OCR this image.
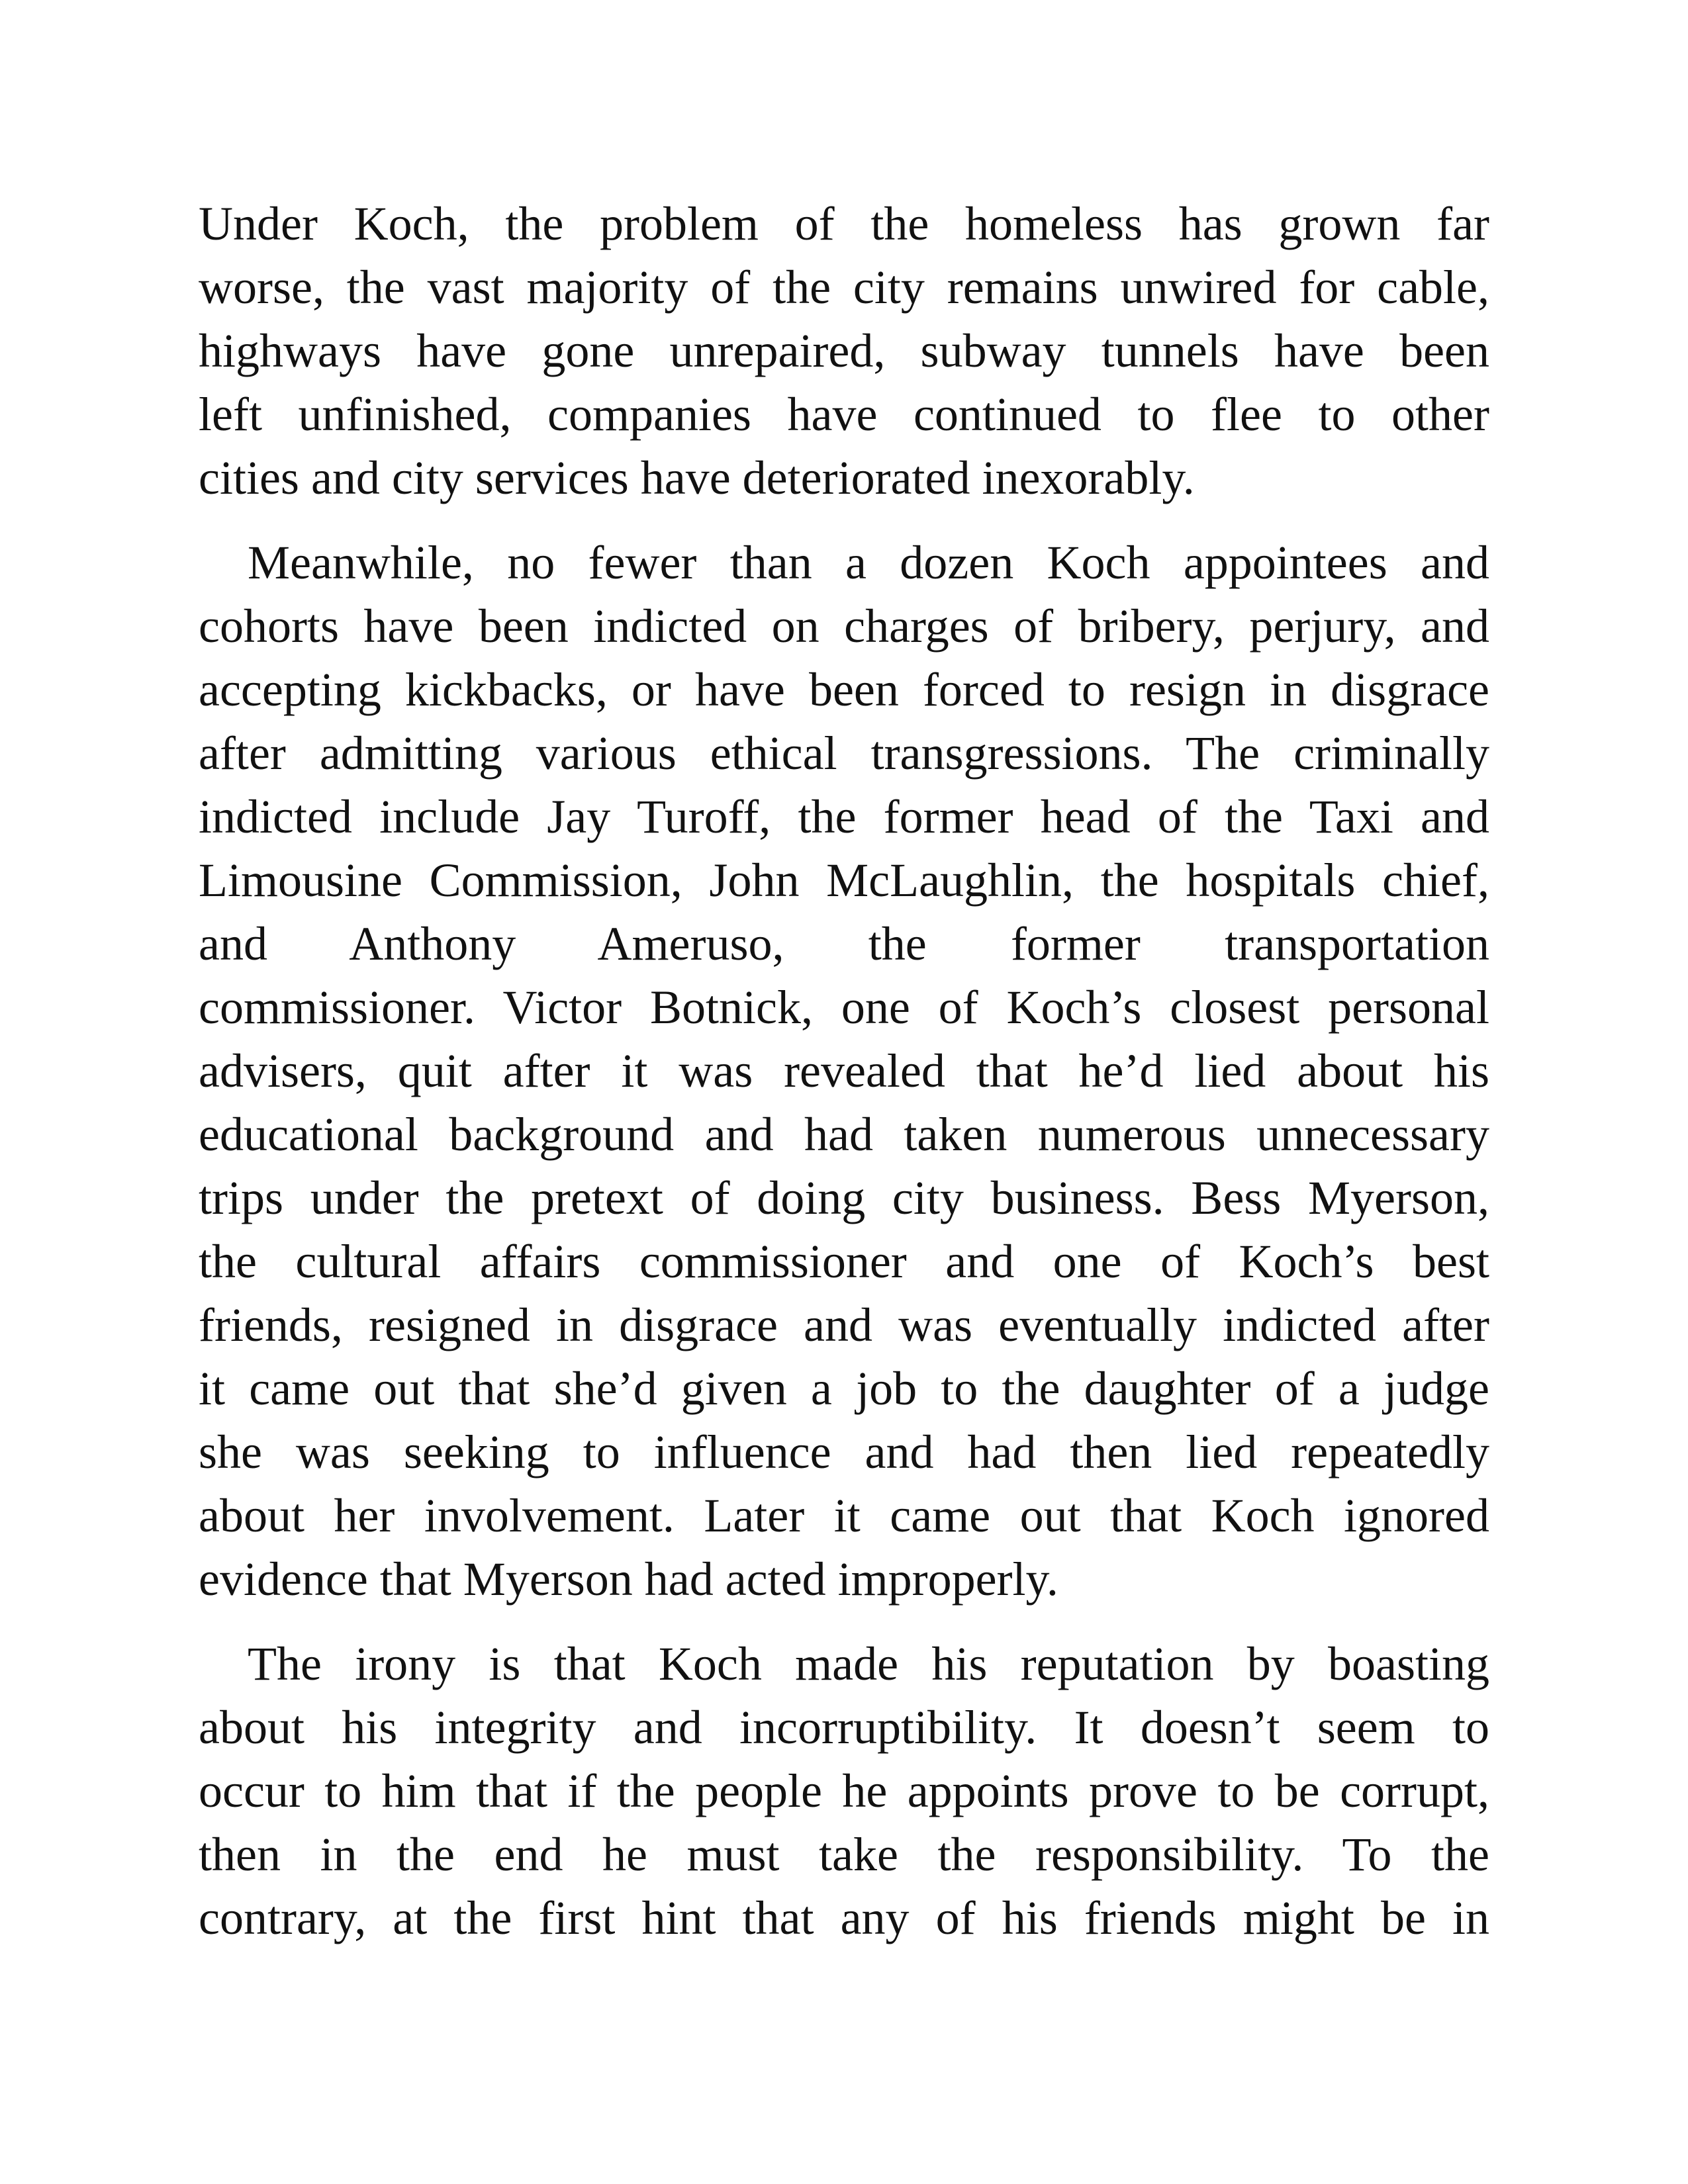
Under Koch, the problem of the homeless has grown far
worse, the vast majority of the city remains unwired for cable,
highways have gone unrepaired, subway tunnels have been
left unfinished, companies have continued to flee to other
cities and city services have deteriorated inexorably.
Meanwhile, no fewer than a dozen Koch appointees and
cohorts have been indicted on charges of bribery, perjury, and
accepting kickbacks, or have been forced to resign in disgrace
after admitting various ethical transgressions. The criminally
indicted include Jay Turoff, the former head of the Taxi and
Limousine Commission, John McLaughlin, the hospitals chief,
and Anthony Ameruso, the former transportation
commissioner. Victor Botnick, one of Koch’s closest personal
advisers, quit after it was revealed that he’d lied about his
educational background and had taken numerous unnecessary
trips under the pretext of doing city business. Bess Myerson,
the cultural affairs commissioner and one of Koch’s best
friends, resigned in disgrace and was eventually indicted after
it came out that she’d given a job to the daughter of a judge
she was seeking to influence and had then lied repeatedly
about her involvement. Later it came out that Koch ignored
evidence that Myerson had acted improperly.
The irony is that Koch made his reputation by boasting
about his integrity and incorruptibility. It doesn’t seem to
occur to him that if the people he appoints prove to be corrupt,
then in the end he must take the responsibility. To the
contrary, at the first hint that any of his friends might be in
